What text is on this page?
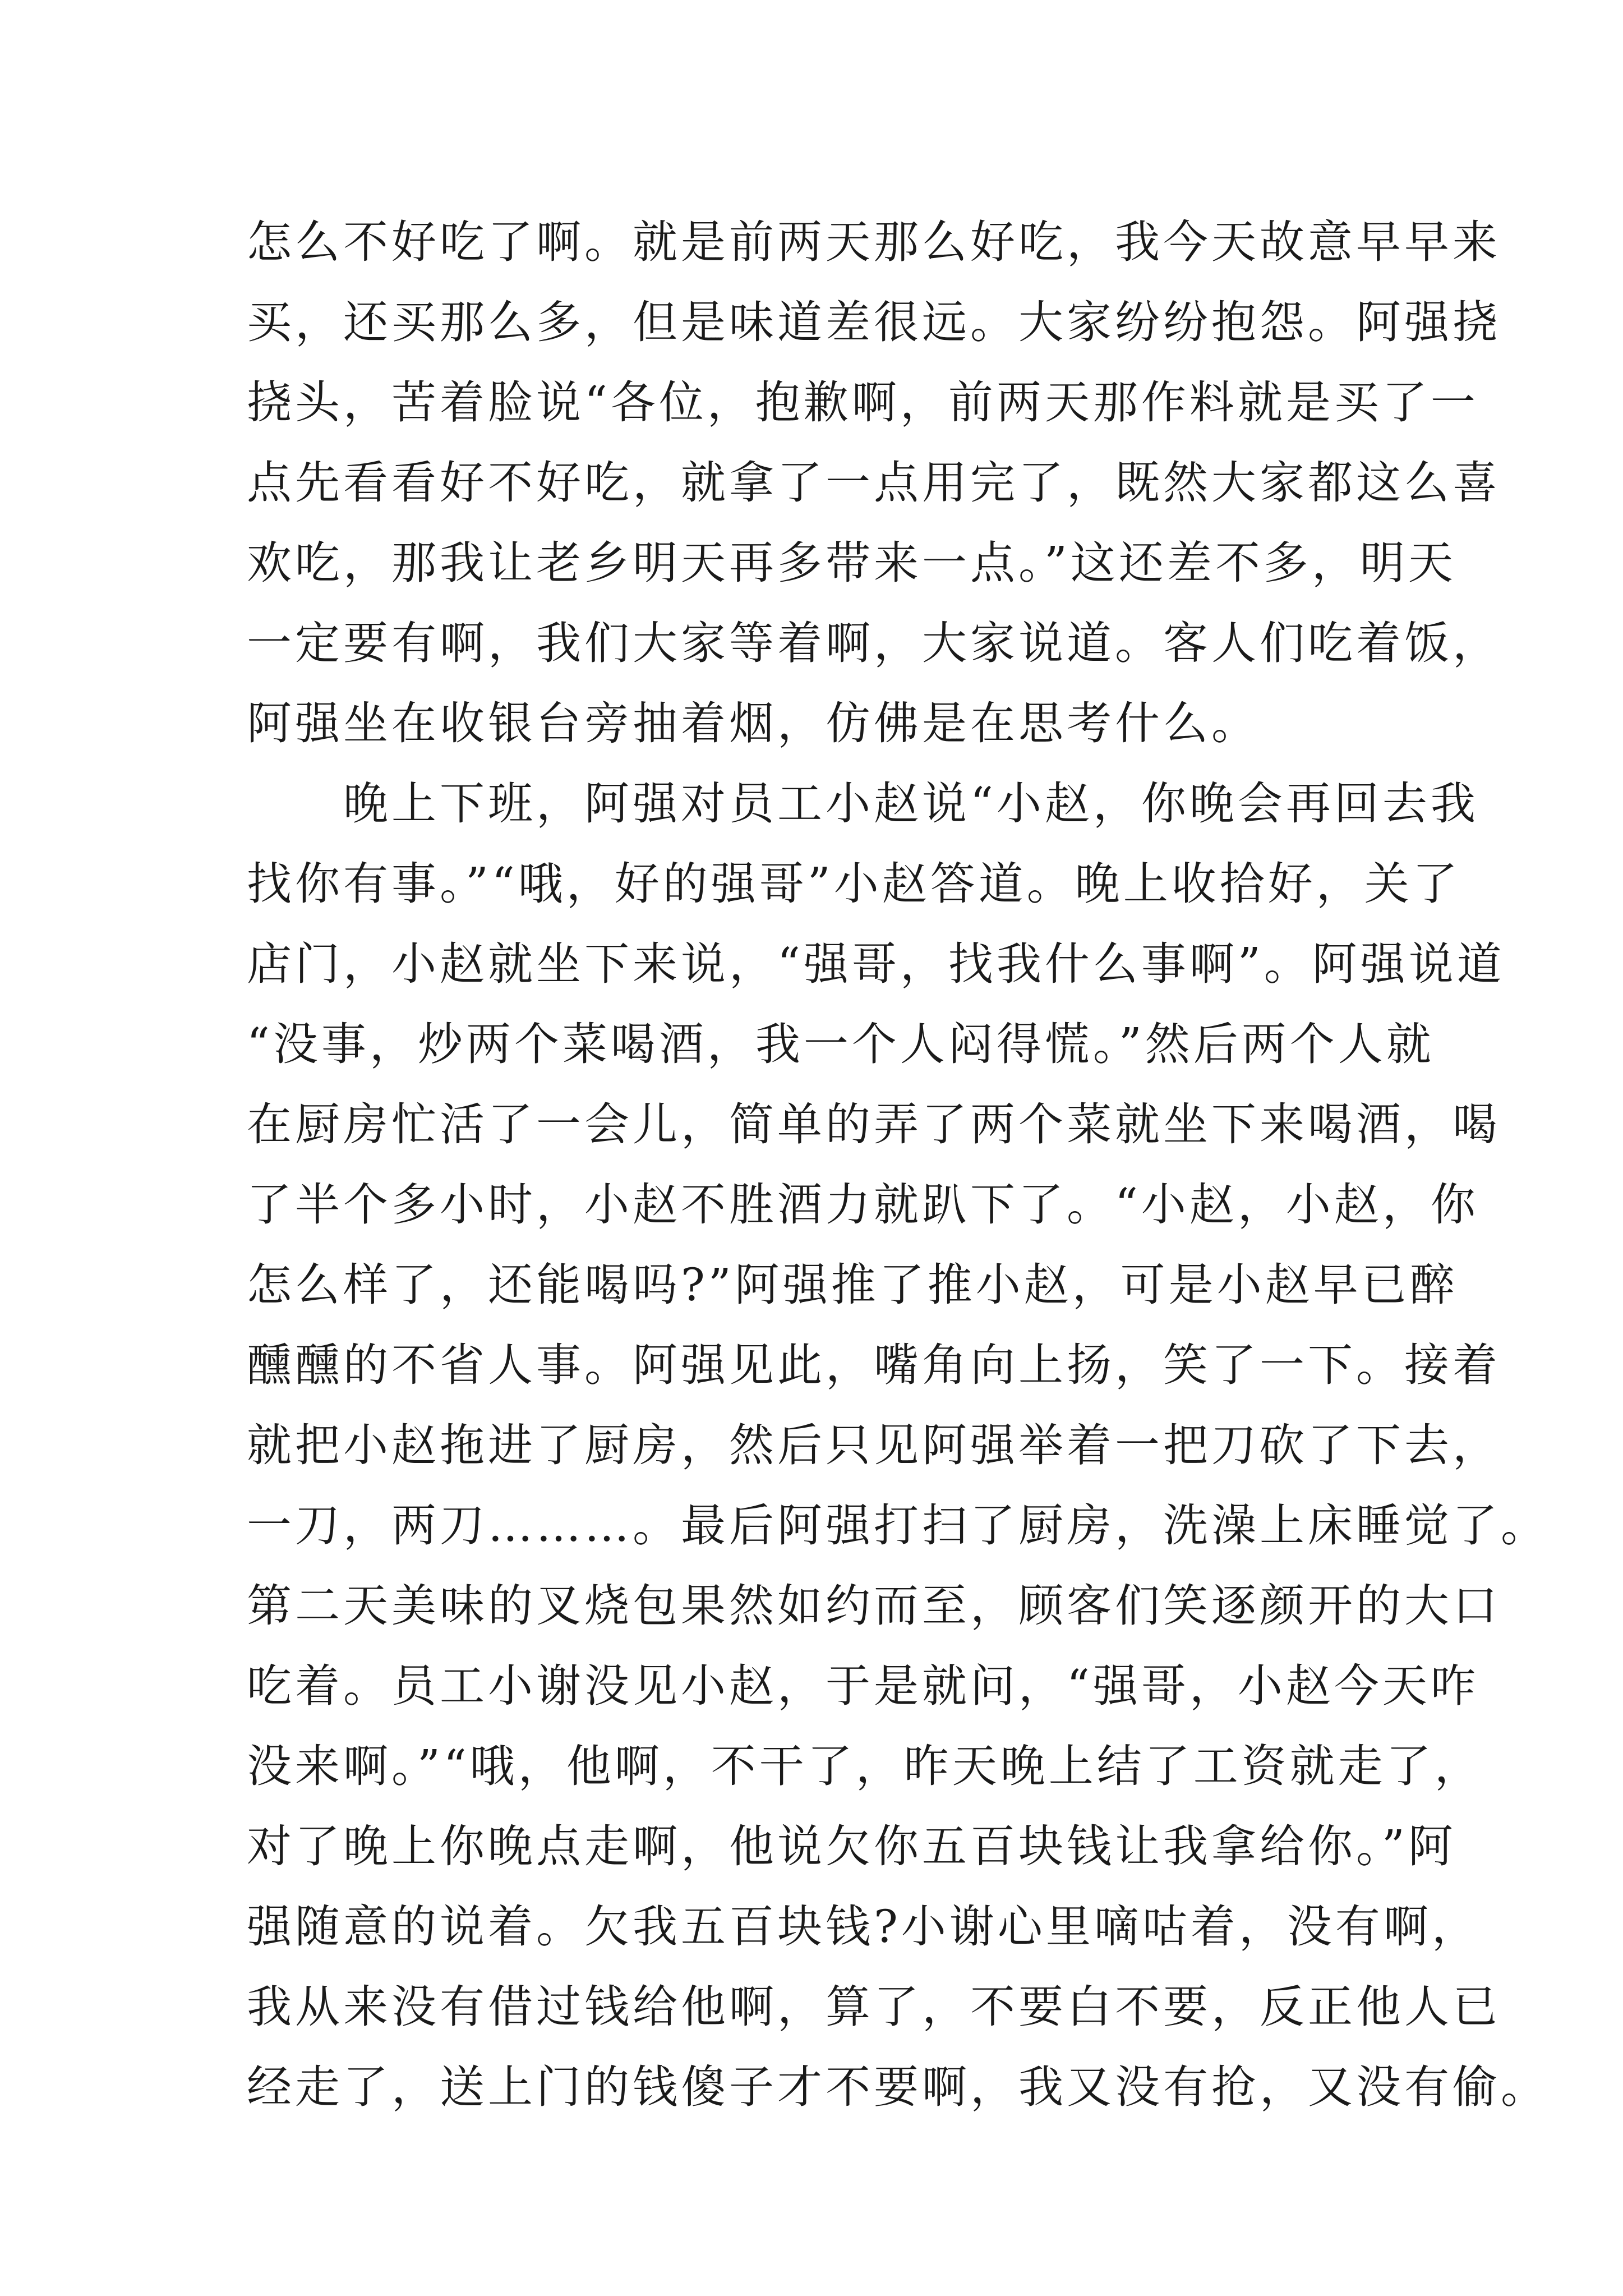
怎么不好吃了啊。就是前两天那么好吃，我今天故意早早来
买，还买那么多，但是味道差很远。大家纷纷抱怨。阿强挠
挠头，苦着脸说“各位，抱歉啊，前两天那作料就是买了一
点先看看好不好吃，就拿了一点用完了，既然大家都这么喜
欢吃，那我让老乡明天再多带来一点。”这还差不多，明天
一定要有啊，我们大家等着啊，大家说道。客人们吃着饭，
阿强坐在收银台旁抽着烟，仿佛是在思考什么。
　　晚上下班，阿强对员工小赵说“小赵，你晚会再回去我
找你有事。”“哦，好的强哥”小赵答道。晚上收拾好，关了
店门，小赵就坐下来说，“强哥，找我什么事啊”。阿强说道
“没事，炒两个菜喝酒，我一个人闷得慌。”然后两个人就
在厨房忙活了一会儿，简单的弄了两个菜就坐下来喝酒，喝
了半个多小时，小赵不胜酒力就趴下了。“小赵，小赵，你
怎么样了，还能喝吗?”阿强推了推小赵，可是小赵早已醉
醺醺的不省人事。阿强见此，嘴角向上扬，笑了一下。接着
就把小赵拖进了厨房，然后只见阿强举着一把刀砍了下去，
一刀，两刀………。最后阿强打扫了厨房，洗澡上床睡觉了。
第二天美味的叉烧包果然如约而至，顾客们笑逐颜开的大口
吃着。员工小谢没见小赵，于是就问，“强哥，小赵今天咋
没来啊。”“哦，他啊，不干了，昨天晚上结了工资就走了，
对了晚上你晚点走啊，他说欠你五百块钱让我拿给你。”阿
强随意的说着。欠我五百块钱?小谢心里嘀咕着，没有啊，
我从来没有借过钱给他啊，算了，不要白不要，反正他人已
经走了，送上门的钱傻子才不要啊，我又没有抢，又没有偷。
